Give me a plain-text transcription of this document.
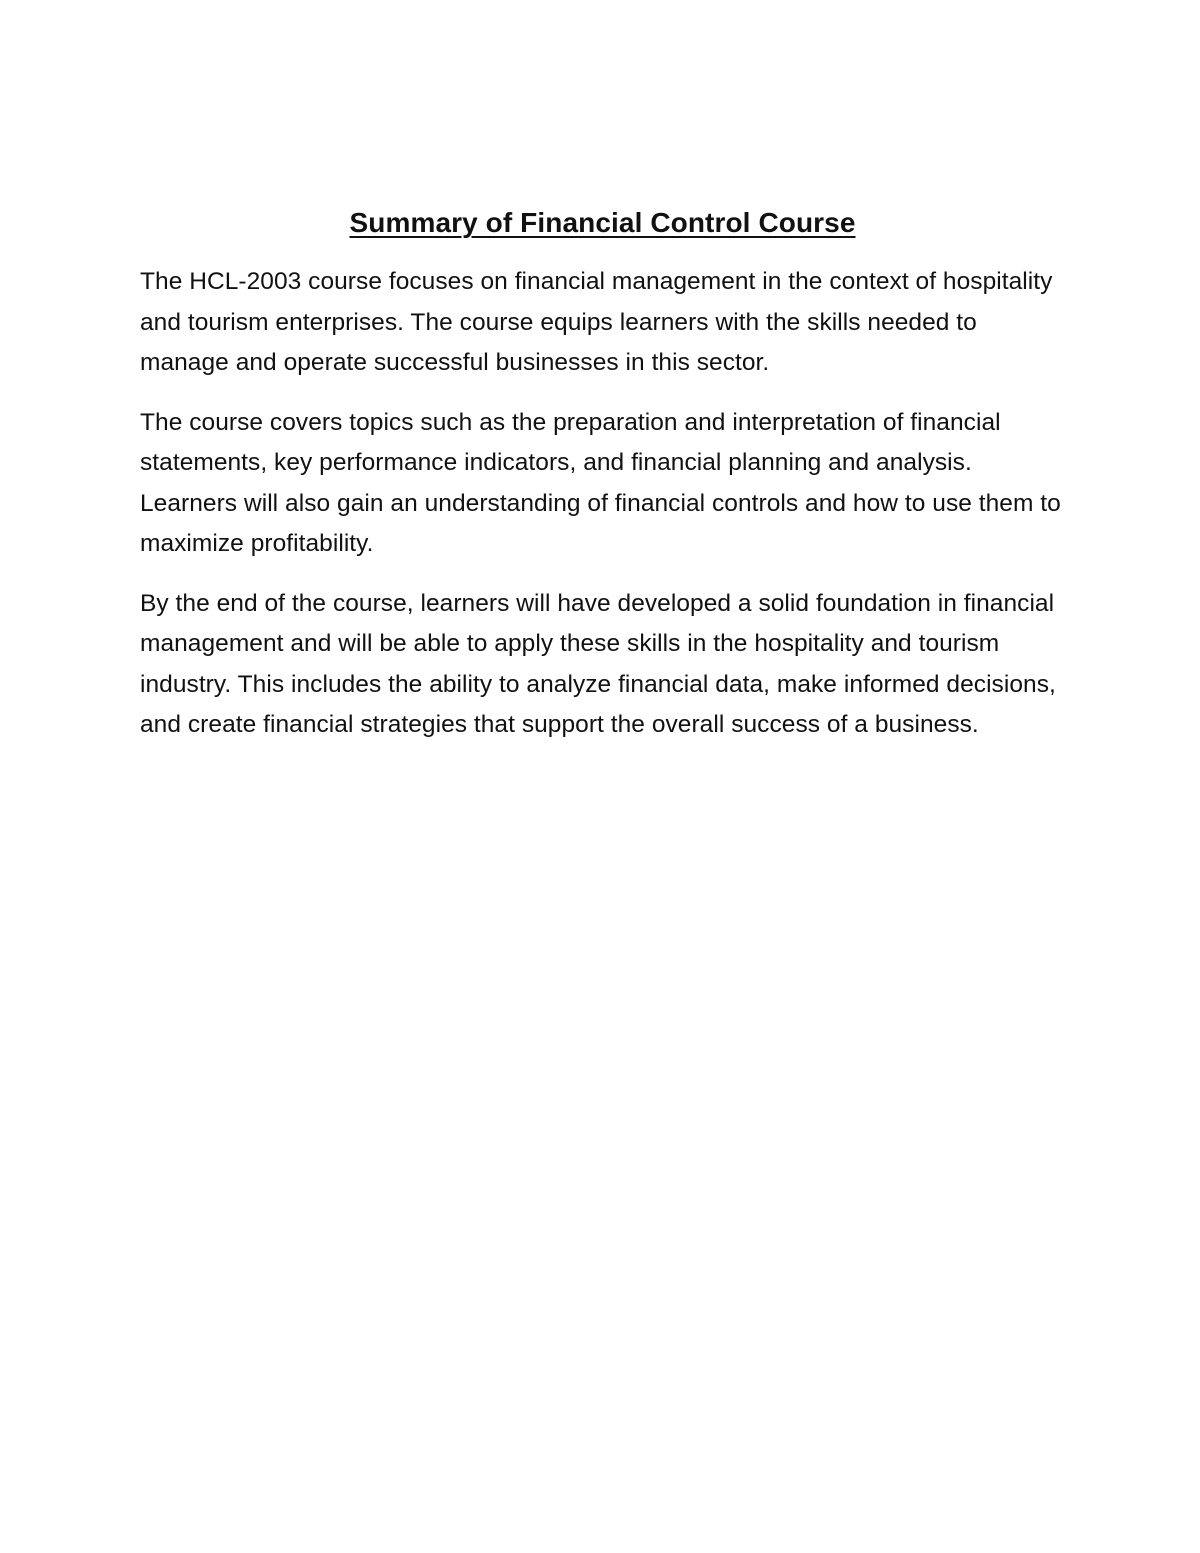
Summary of Financial Control Course

The HCL-2003 course focuses on financial management in the context of hospitality and tourism enterprises. The course equips learners with the skills needed to manage and operate successful businesses in this sector.

The course covers topics such as the preparation and interpretation of financial statements, key performance indicators, and financial planning and analysis. Learners will also gain an understanding of financial controls and how to use them to maximize profitability.

By the end of the course, learners will have developed a solid foundation in financial management and will be able to apply these skills in the hospitality and tourism industry. This includes the ability to analyze financial data, make informed decisions, and create financial strategies that support the overall success of a business.
